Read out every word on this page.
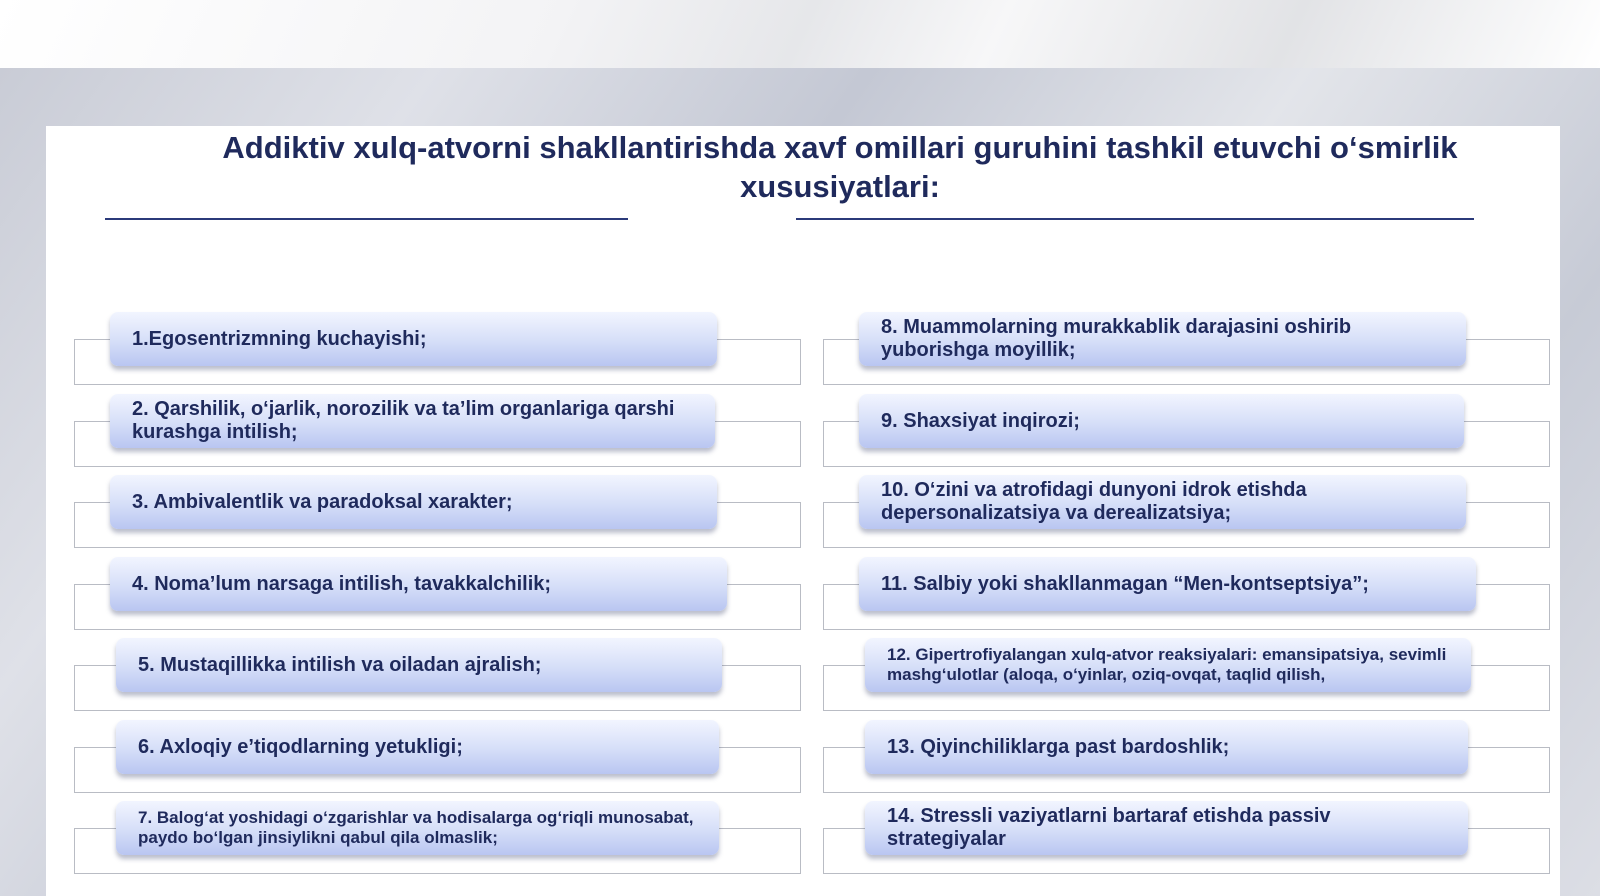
Addiktiv xulq-atvorni shakllantirishda xavf omillari guruhini tashkil etuvchi o‘smirlik xususiyatlari:
1.Egosentrizmning kuchayishi;
2. Qarshilik, o‘jarlik, norozilik va ta’lim organlariga qarshi kurashga intilish;
3. Ambivalentlik va paradoksal xarakter;
4. Noma’lum narsaga intilish, tavakkalchilik;
5. Mustaqillikka intilish va oiladan ajralish;
6. Axloqiy e’tiqodlarning yetukligi;
7. Balog‘at yoshidagi o‘zgarishlar va hodisalarga og‘riqli munosabat, paydo bo‘lgan jinsiylikni qabul qila olmaslik;
8. Muammolarning murakkablik darajasini oshirib yuborishga moyillik;
9. Shaxsiyat inqirozi;
10. O‘zini va atrofidagi dunyoni idrok etishda depersonalizatsiya va derealizatsiya;
11. Salbiy yoki shakllanmagan “Men-kontseptsiya”;
12. Gipertrofiyalangan xulq-atvor reaksiyalari: emansipatsiya, sevimli mashg‘ulotlar (aloqa, o‘yinlar, oziq-ovqat, taqlid qilish,
13. Qiyinchiliklarga past bardoshlik;
14. Stressli vaziyatlarni bartaraf etishda passiv strategiyalar
